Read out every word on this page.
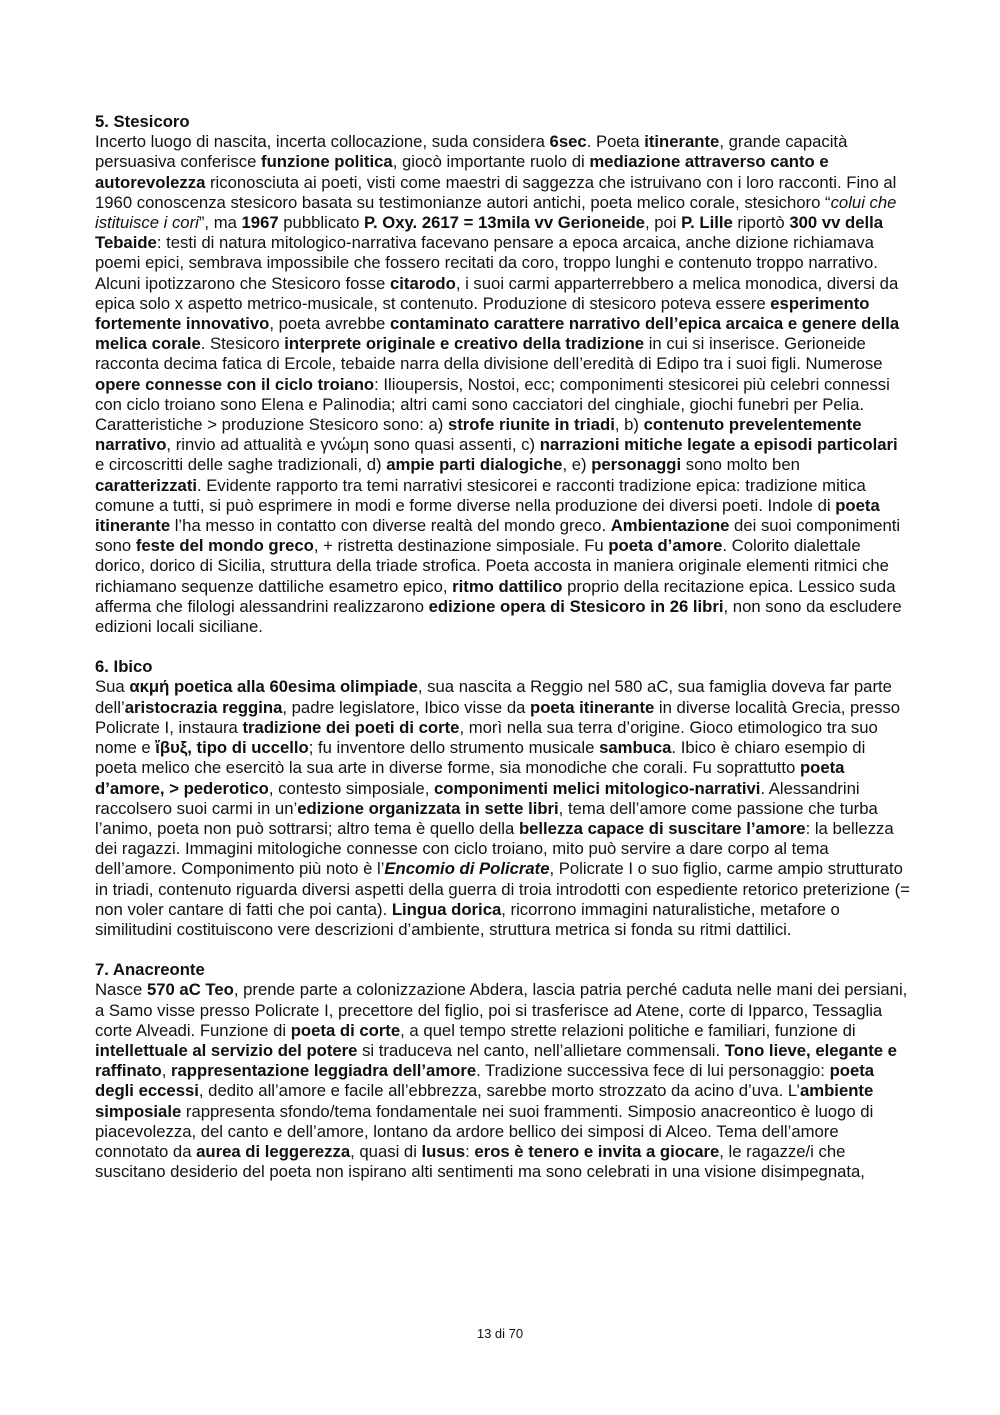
5. Stesicoro

Incerto luogo di nascita, incerta collocazione, suda considera 6sec. Poeta itinerante, grande capacità persuasiva conferisce funzione politica, giocò importante ruolo di mediazione attraverso canto e autorevolezza riconosciuta ai poeti, visti come maestri di saggezza che istruivano con i loro racconti. Fino al 1960 conoscenza stesicoro basata su testimonianze autori antichi, poeta melico corale, stesichoro “colui che istituisce i cori”, ma 1967 pubblicato P. Oxy. 2617 = 13mila vv Gerioneide, poi P. Lille riportò 300 vv della Tebaide: testi di natura mitologico-narrativa facevano pensare a epoca arcaica, anche dizione richiamava poemi epici, sembrava impossibile che fossero recitati da coro, troppo lunghi e contenuto troppo narrativo. Alcuni ipotizzarono che Stesicoro fosse citarodo, i suoi carmi apparterrebbero a melica monodica, diversi da epica solo x aspetto metrico-musicale, st contenuto. Produzione di stesicoro poteva essere esperimento fortemente innovativo, poeta avrebbe contaminato carattere narrativo dell’epica arcaica e genere della melica corale. Stesicoro interprete originale e creativo della tradizione in cui si inserisce. Gerioneide racconta decima fatica di Ercole, tebaide narra della divisione dell’eredità di Edipo tra i suoi figli. Numerose opere connesse con il ciclo troiano: Ilioupersis, Nostoi, ecc; componimenti stesicorei più celebri connessi con ciclo troiano sono Elena e Palinodia; altri cami sono cacciatori del cinghiale, giochi funebri per Pelia. Caratteristiche > produzione Stesicoro sono: a) strofe riunite in triadi, b) contenuto prevelentemente narrativo, rinvio ad attualità e γνώμη sono quasi assenti, c) narrazioni mitiche legate a episodi particolari e circoscritti delle saghe tradizionali, d) ampie parti dialogiche, e) personaggi sono molto ben caratterizzati. Evidente rapporto tra temi narrativi stesicorei e racconti tradizione epica: tradizione mitica comune a tutti, si può esprimere in modi e forme diverse nella produzione dei diversi poeti. Indole di poeta itinerante l’ha messo in contatto con diverse realtà del mondo greco. Ambientazione dei suoi componimenti sono feste del mondo greco, + ristretta destinazione simposiale. Fu poeta d’amore. Colorito dialettale dorico, dorico di Sicilia, struttura della triade strofica. Poeta accosta in maniera originale elementi ritmici che richiamano sequenze dattiliche esametro epico, ritmo dattilico proprio della recitazione epica. Lessico suda afferma che filologi alessandrini realizzarono edizione opera di Stesicoro in 26 libri, non sono da escludere edizioni locali siciliane.

6. Ibico

Sua ακμή poetica alla 60esima olimpiade, sua nascita a Reggio nel 580 aC, sua famiglia doveva far parte dell’aristocrazia reggina, padre legislatore, Ibico visse da poeta itinerante in diverse località Grecia, presso Policrate I, instaura tradizione dei poeti di corte, morì nella sua terra d’origine. Gioco etimologico tra suo nome e ἴβυξ, tipo di uccello; fu inventore dello strumento musicale sambuca. Ibico è chiaro esempio di poeta melico che esercitò la sua arte in diverse forme, sia monodiche che corali. Fu soprattutto poeta d’amore, > pederotico, contesto simposiale, componimenti melici mitologico-narrativi. Alessandrini raccolsero suoi carmi in un’edizione organizzata in sette libri, tema dell’amore come passione che turba l’animo, poeta non può sottrarsi; altro tema è quello della bellezza capace di suscitare l’amore: la bellezza dei ragazzi. Immagini mitologiche connesse con ciclo troiano, mito può servire a dare corpo al tema dell’amore. Componimento più noto è l’Encomio di Policrate, Policrate I o suo figlio, carme ampio strutturato in triadi, contenuto riguarda diversi aspetti della guerra di troia introdotti con espediente retorico preterizione (= non voler cantare di fatti che poi canta). Lingua dorica, ricorrono immagini naturalistiche, metafore o similitudini costituiscono vere descrizioni d’ambiente, struttura metrica si fonda su ritmi dattilici.

7. Anacreonte

Nasce 570 aC Teo, prende parte a colonizzazione Abdera, lascia patria perché caduta nelle mani dei persiani, a Samo visse presso Policrate I, precettore del figlio, poi si trasferisce ad Atene, corte di Ipparco, Tessaglia corte Alveadi. Funzione di poeta di corte, a quel tempo strette relazioni politiche e familiari, funzione di intellettuale al servizio del potere si traduceva nel canto, nell’allietare commensali. Tono lieve, elegante e raffinato, rappresentazione leggiadra dell’amore. Tradizione successiva fece di lui personaggio: poeta degli eccessi, dedito all’amore e facile all’ebbrezza, sarebbe morto strozzato da acino d’uva. L’ambiente simposiale rappresenta sfondo/tema fondamentale nei suoi frammenti. Simposio anacreontico è luogo di piacevolezza, del canto e dell’amore, lontano da ardore bellico dei simposi di Alceo. Tema dell’amore connotato da aurea di leggerezza, quasi di lusus: eros è tenero e invita a giocare, le ragazze/i che suscitano desiderio del poeta non ispirano alti sentimenti ma sono celebrati in una visione disimpegnata,

13 di 70
